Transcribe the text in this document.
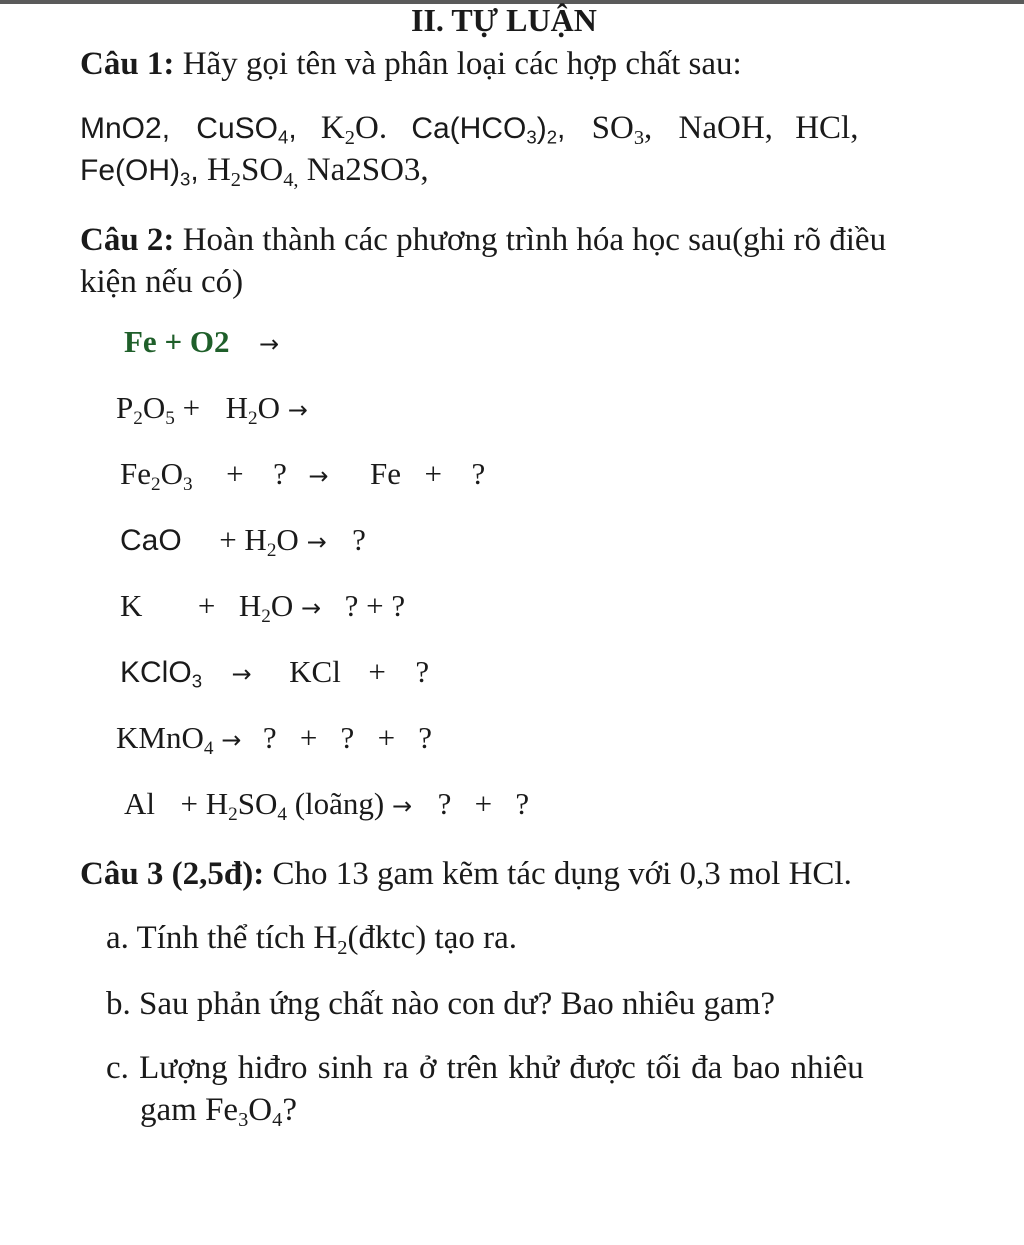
II. TỰ LUẬN
Câu 1: Hãy gọi tên và phân loại các hợp chất sau:
MnO2, CuSO$_4$, $K_2O$. $Ca(HCO_3)_2$, $SO_3$, NaOH, HCl,
$Fe(OH)_3$, $H_2SO_{4,}$ Na2SO3,
Câu 2: Hoàn thành các phương trình hóa học sau(ghi rõ điều
kiện nếu có)
Fe + O2 →
$P_2O_5 + H_2O$ →
$Fe_2O_3$ + ? → Fe + ?
CaO + $H_2O$ → ?
$K + H_2O$ → ? + ?
KClO$_3$ → KCl + ?
KMnO$_4$ → ?   +   ?   +   ?
$Al + H_2SO_4$ (loãng) → ?   +   ?
Câu 3 (2,5đ): Cho 13 gam kẽm tác dụng với 0,3 mol HCl.
a. Tính thể tích $H_2(đktc)$ tạo ra.
b. Sau phản ứng chất nào con dư? Bao nhiêu gam?
c. Lượng hiđro sinh ra ở trên khử được tối đa bao nhiêu
gam $Fe_3O_4$?
